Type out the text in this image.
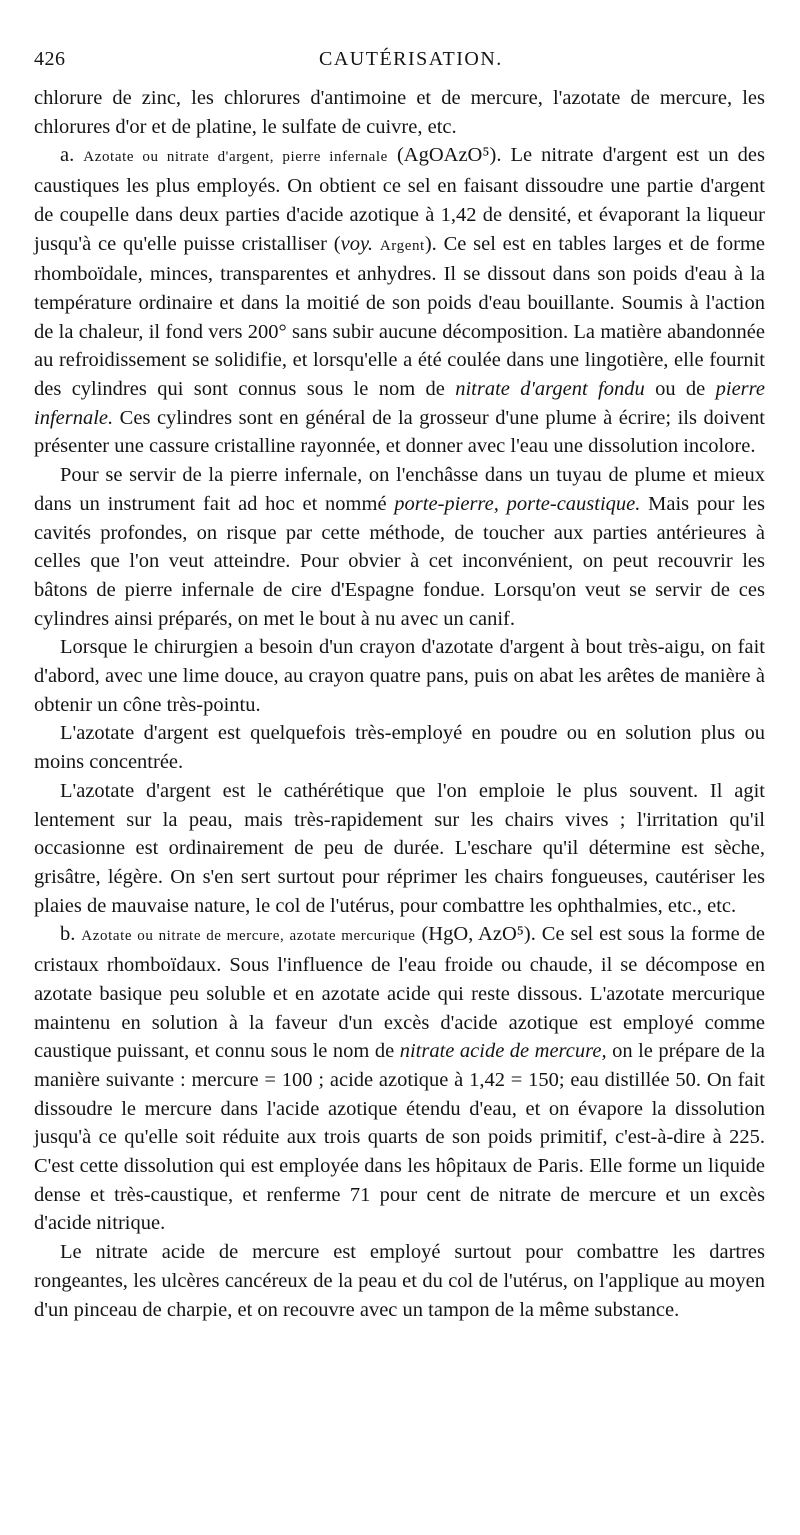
426	CAUTÉRISATION.

chlorure de zinc, les chlorures d'antimoine et de mercure, l'azotate de mercure, les chlorures d'or et de platine, le sulfate de cuivre, etc.

a. Azotate ou nitrate d'argent, pierre infernale (AgOAzO⁵). Le nitrate d'argent est un des caustiques les plus employés. On obtient ce sel en faisant dissoudre une partie d'argent de coupelle dans deux parties d'acide azotique à 1,42 de densité, et évaporant la liqueur jusqu'à ce qu'elle puisse cristalliser (voy. Argent). Ce sel est en tables larges et de forme rhomboïdale, minces, transparentes et anhydres. Il se dissout dans son poids d'eau à la température ordinaire et dans la moitié de son poids d'eau bouillante. Soumis à l'action de la chaleur, il fond vers 200° sans subir aucune décomposition. La matière abandonnée au refroidissement se solidifie, et lorsqu'elle a été coulée dans une lingotière, elle fournit des cylindres qui sont connus sous le nom de nitrate d'argent fondu ou de pierre infernale. Ces cylindres sont en général de la grosseur d'une plume à écrire; ils doivent présenter une cassure cristalline rayonnée, et donner avec l'eau une dissolution incolore.

Pour se servir de la pierre infernale, on l'enchâsse dans un tuyau de plume et mieux dans un instrument fait ad hoc et nommé porte-pierre, porte-caustique. Mais pour les cavités profondes, on risque par cette méthode, de toucher aux parties antérieures à celles que l'on veut atteindre. Pour obvier à cet inconvénient, on peut recouvrir les bâtons de pierre infernale de cire d'Espagne fondue. Lorsqu'on veut se servir de ces cylindres ainsi préparés, on met le bout à nu avec un canif.

Lorsque le chirurgien a besoin d'un crayon d'azotate d'argent à bout très-aigu, on fait d'abord, avec une lime douce, au crayon quatre pans, puis on abat les arêtes de manière à obtenir un cône très-pointu.

L'azotate d'argent est quelquefois très-employé en poudre ou en solution plus ou moins concentrée.

L'azotate d'argent est le cathérétique que l'on emploie le plus souvent. Il agit lentement sur la peau, mais très-rapidement sur les chairs vives ; l'irritation qu'il occasionne est ordinairement de peu de durée. L'eschare qu'il détermine est sèche, grisâtre, légère. On s'en sert surtout pour réprimer les chairs fongueuses, cautériser les plaies de mauvaise nature, le col de l'utérus, pour combattre les ophthalmies, etc., etc.

b. Azotate ou nitrate de mercure, azotate mercurique (HgO, AzO⁵). Ce sel est sous la forme de cristaux rhomboïdaux. Sous l'influence de l'eau froide ou chaude, il se décompose en azotate basique peu soluble et en azotate acide qui reste dissous. L'azotate mercurique maintenu en solution à la faveur d'un excès d'acide azotique est employé comme caustique puissant, et connu sous le nom de nitrate acide de mercure, on le prépare de la manière suivante : mercure = 100 ; acide azotique à 1,42 = 150; eau distillée 50. On fait dissoudre le mercure dans l'acide azotique étendu d'eau, et on évapore la dissolution jusqu'à ce qu'elle soit réduite aux trois quarts de son poids primitif, c'est-à-dire à 225. C'est cette dissolution qui est employée dans les hôpitaux de Paris. Elle forme un liquide dense et très-caustique, et renferme 71 pour cent de nitrate de mercure et un excès d'acide nitrique.

Le nitrate acide de mercure est employé surtout pour combattre les dartres rongeantes, les ulcères cancéreux de la peau et du col de l'utérus, on l'applique au moyen d'un pinceau de charpie, et on recouvre avec un tampon de la même substance.
